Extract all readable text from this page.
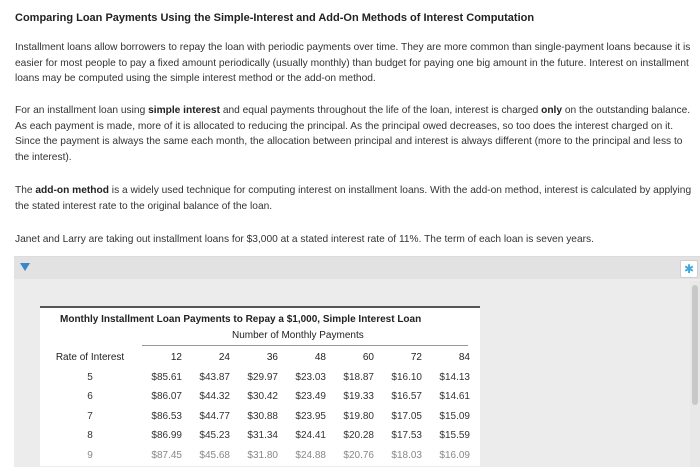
Comparing Loan Payments Using the Simple-Interest and Add-On Methods of Interest Computation
Installment loans allow borrowers to repay the loan with periodic payments over time. They are more common than single-payment loans because it is easier for most people to pay a fixed amount periodically (usually monthly) than budget for paying one big amount in the future. Interest on installment loans may be computed using the simple interest method or the add-on method.
For an installment loan using simple interest and equal payments throughout the life of the loan, interest is charged only on the outstanding balance. As each payment is made, more of it is allocated to reducing the principal. As the principal owed decreases, so too does the interest charged on it. Since the payment is always the same each month, the allocation between principal and interest is always different (more to the principal and less to the interest).
The add-on method is a widely used technique for computing interest on installment loans. With the add-on method, interest is calculated by applying the stated interest rate to the original balance of the loan.
Janet and Larry are taking out installment loans for $3,000 at a stated interest rate of 11%. The term of each loan is seven years.
✱
Monthly Installment Loan Payments to Repay a $1,000, Simple Interest Loan
Number of Monthly Payments
Rate of Interest	12	24	36	48	60	72	84
5	$85.61	$43.87	$29.97	$23.03	$18.87	$16.10	$14.13
6	$86.07	$44.32	$30.42	$23.49	$19.33	$16.57	$14.61
7	$86.53	$44.77	$30.88	$23.95	$19.80	$17.05	$15.09
8	$86.99	$45.23	$31.34	$24.41	$20.28	$17.53	$15.59
9	$87.45	$45.68	$31.80	$24.88	$20.76	$18.03	$16.09
